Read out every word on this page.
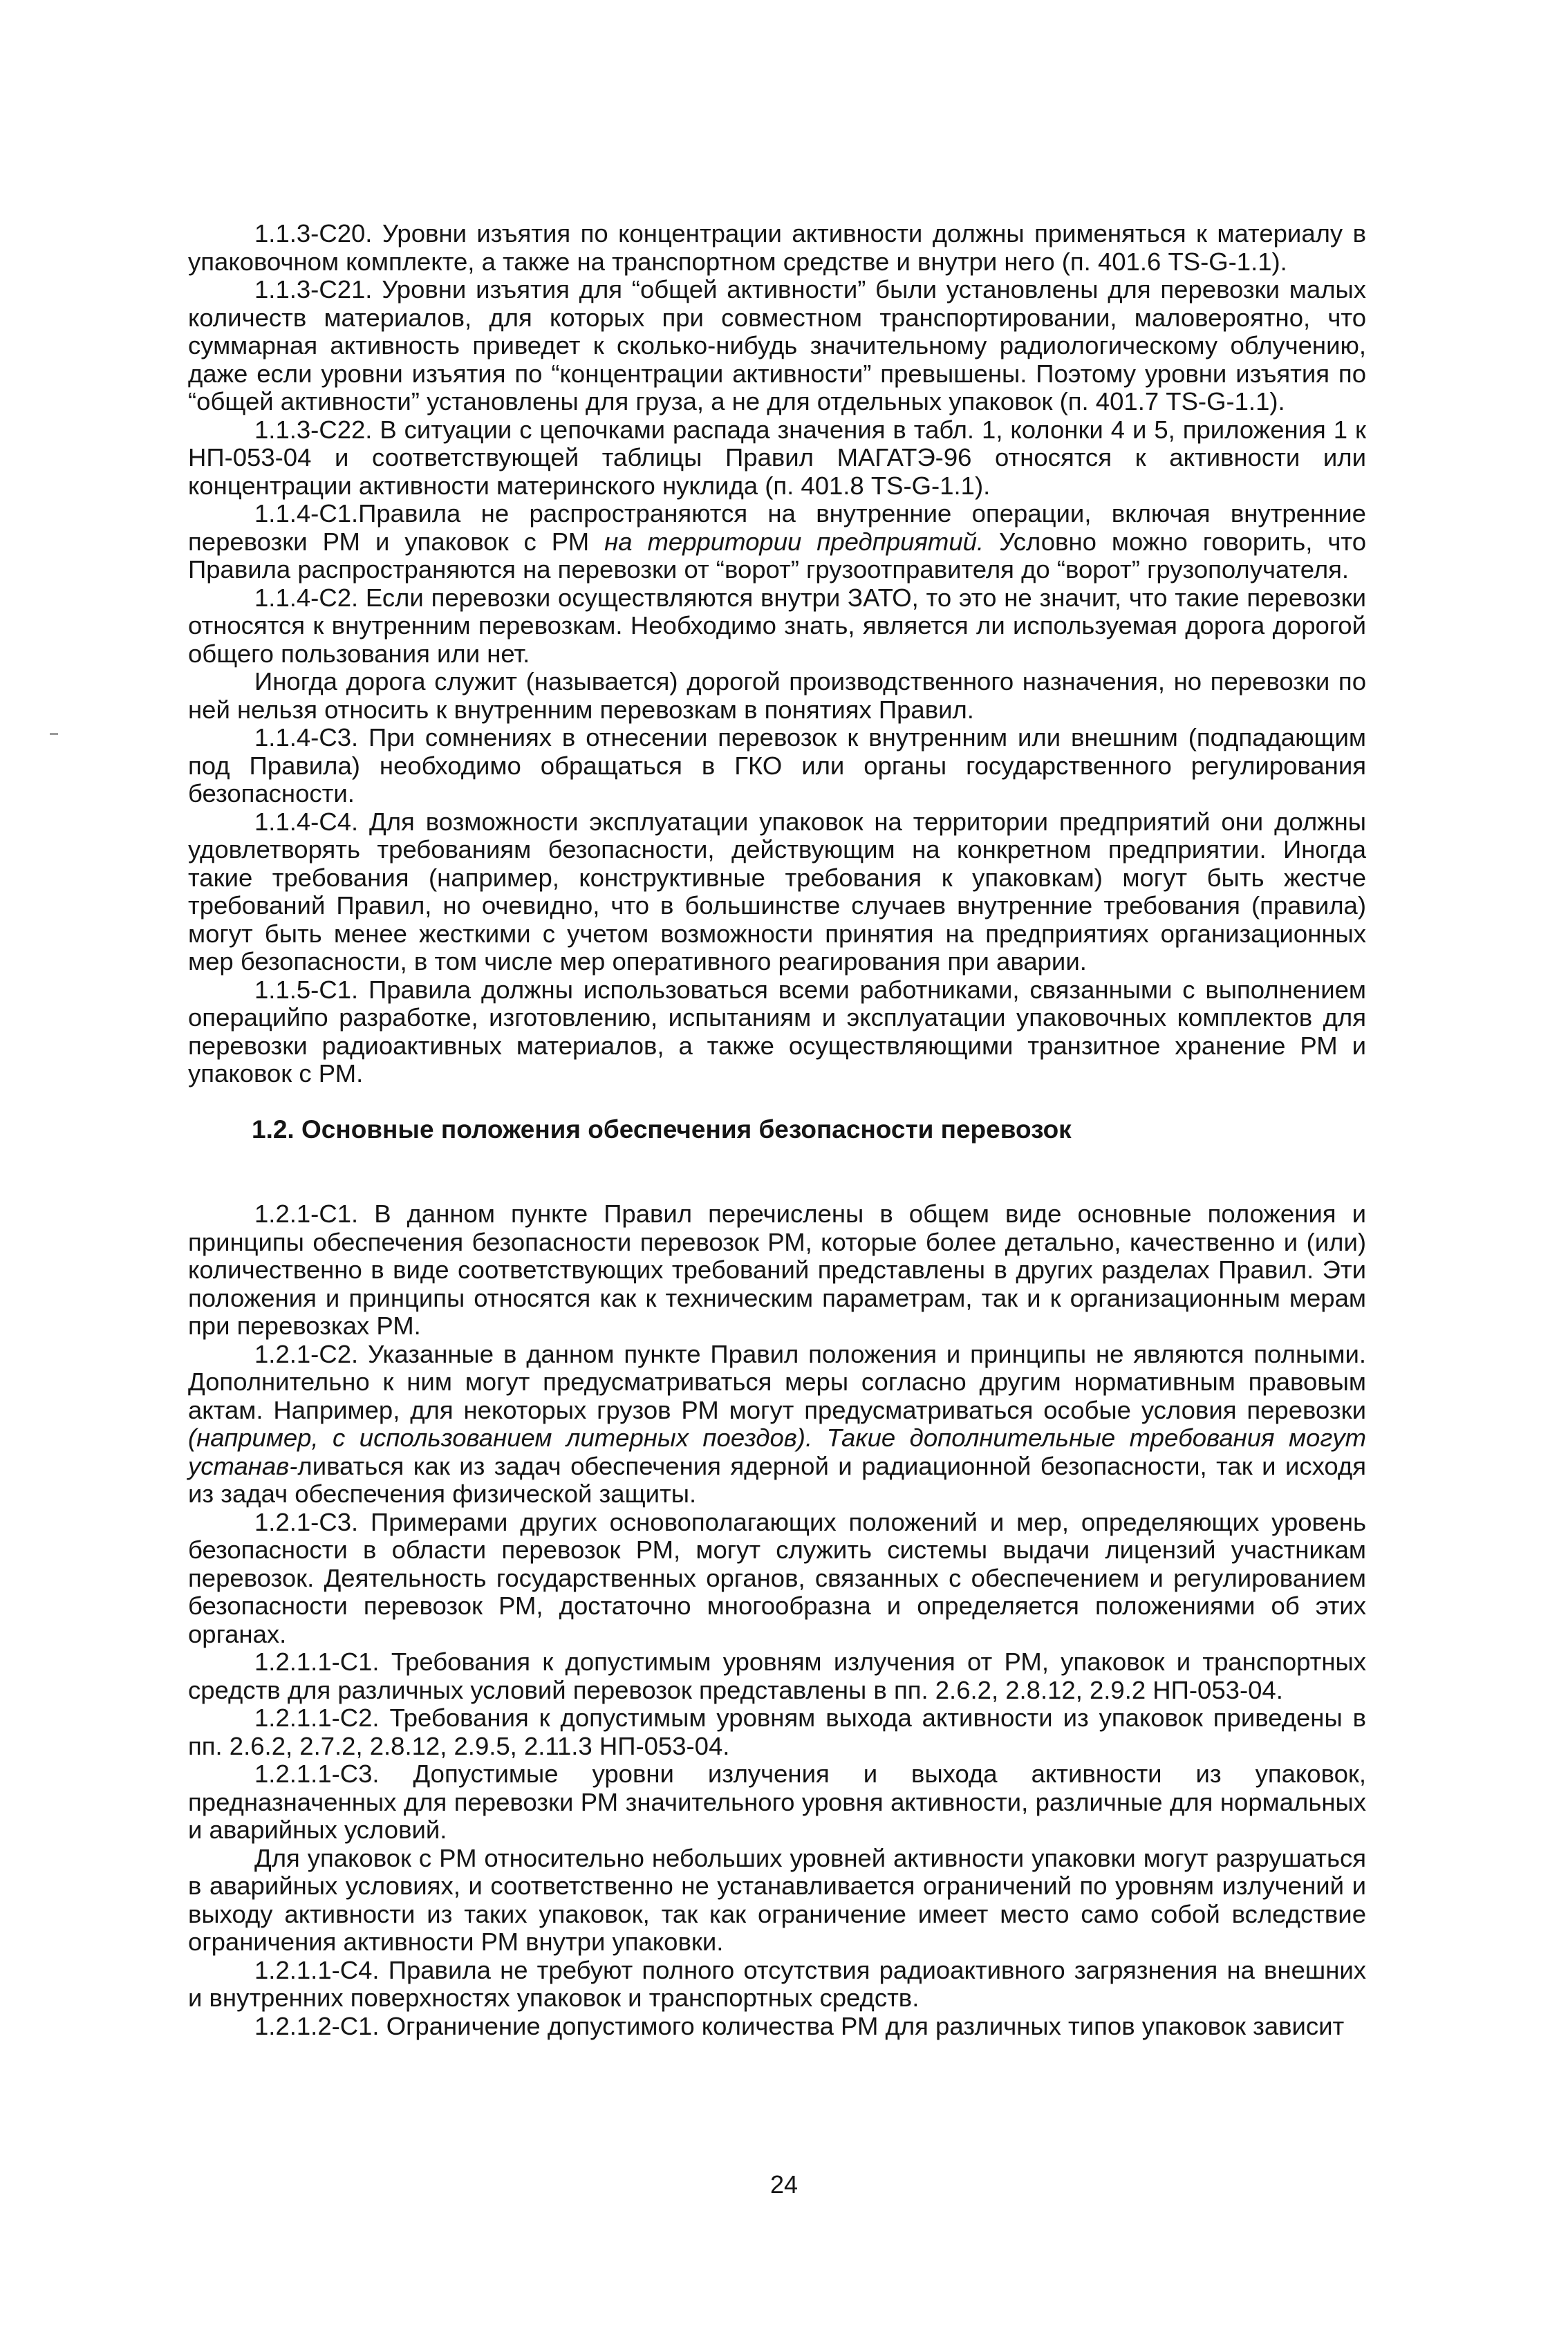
1.1.3-С20. Уровни изъятия по концентрации активности должны применяться к материалу в упаковочном комплекте, а также на транспортном средстве и внутри него (п. 401.6 TS-G-1.1).

1.1.3-С21. Уровни изъятия для “общей активности” были установлены для перевозки малых количеств материалов, для которых при совместном транспортировании, маловероятно, что суммарная активность приведет к сколько-нибудь значительному радиологическому облучению, даже если уровни изъятия по “концентрации активности” превышены. Поэтому уровни изъятия по “общей активности” установлены для груза, а не для отдельных упаковок (п. 401.7 TS-G-1.1).

1.1.3-С22. В ситуации с цепочками распада значения в табл. 1, колонки 4 и 5, приложения 1 к НП-053-04 и соответствующей таблицы Правил МАГАТЭ-96 относятся к активности или концентрации активности материнского нуклида (п. 401.8 TS-G-1.1).

1.1.4-С1.Правила не распространяются на внутренние операции, включая внутренние перевозки РМ и упаковок с РМ на территории предприятий. Условно можно говорить, что Правила распространяются на перевозки от “ворот” грузоотправителя до “ворот” грузополучателя.

1.1.4-С2. Если перевозки осуществляются внутри ЗАТО, то это не значит, что такие перевозки относятся к внутренним перевозкам. Необходимо знать, является ли используемая дорога дорогой общего пользования или нет.

Иногда дорога служит (называется) дорогой производственного назначения, но перевозки по ней нельзя относить к внутренним перевозкам в понятиях Правил.

1.1.4-С3. При сомнениях в отнесении перевозок к внутренним или внешним (подпадающим под Правила) необходимо обращаться в ГКО или органы государственного регулирования безопасности.

1.1.4-С4. Для возможности эксплуатации упаковок на территории предприятий они должны удовлетворять требованиям безопасности, действующим на конкретном предприятии. Иногда такие требования (например, конструктивные требования к упаковкам) могут быть жестче требований Правил, но очевидно, что в большинстве случаев внутренние требования (правила) могут быть менее жесткими с учетом возможности принятия на предприятиях организационных мер безопасности, в том числе мер оперативного реагирования при аварии.

1.1.5-С1. Правила должны использоваться всеми работниками, связанными с выполнением операцийпо разработке, изготовлению, испытаниям и эксплуатации упаковочных комплектов для перевозки радиоактивных материалов, а также осуществляющими транзитное хранение РМ и упаковок с РМ.

1.2. Основные положения обеспечения безопасности перевозок

1.2.1-С1. В данном пункте Правил перечислены в общем виде основные положения и принципы обеспечения безопасности перевозок РМ, которые более детально, качественно и (или) количественно в виде соответствующих требований представлены в других разделах Правил. Эти положения и принципы относятся как к техническим параметрам, так и к организационным мерам при перевозках РМ.

1.2.1-С2. Указанные в данном пункте Правил положения и принципы не являются полными. Дополнительно к ним могут предусматриваться меры согласно другим нормативным правовым актам. Например, для некоторых грузов РМ могут предусматриваться особые условия перевозки (например, с использованием литерных поездов). Такие дополнительные требования могут устанав-ливаться как из задач обеспечения ядерной и радиационной безопасности, так и исходя из задач обеспечения физической защиты.

1.2.1-С3. Примерами других основополагающих положений и мер, определяющих уровень безопасности в области перевозок РМ, могут служить системы выдачи лицензий участникам перевозок. Деятельность государственных органов, связанных с обеспечением и регулированием безопасности перевозок РМ, достаточно многообразна и определяется положениями об этих органах.

1.2.1.1-С1. Требования к допустимым уровням излучения от РМ, упаковок и транспортных средств для различных условий перевозок представлены в пп. 2.6.2, 2.8.12, 2.9.2 НП-053-04.

1.2.1.1-С2. Требования к допустимым уровням выхода активности из упаковок приведены в пп. 2.6.2, 2.7.2, 2.8.12, 2.9.5, 2.11.3 НП-053-04.

1.2.1.1-С3. Допустимые уровни излучения и выхода активности из упаковок, предназначенных для перевозки РМ значительного уровня активности, различные для нормальных и аварийных условий.

Для упаковок с РМ относительно небольших уровней активности упаковки могут разрушаться в аварийных условиях, и соответственно не устанавливается ограничений по уровням излучений и выходу активности из таких упаковок, так как ограничение имеет место само собой вследствие ограничения активности РМ внутри упаковки.

1.2.1.1-С4. Правила не требуют полного отсутствия радиоактивного загрязнения на внешних и внутренних поверхностях упаковок и транспортных средств.

1.2.1.2-С1. Ограничение допустимого количества РМ для различных типов упаковок зависит

24
